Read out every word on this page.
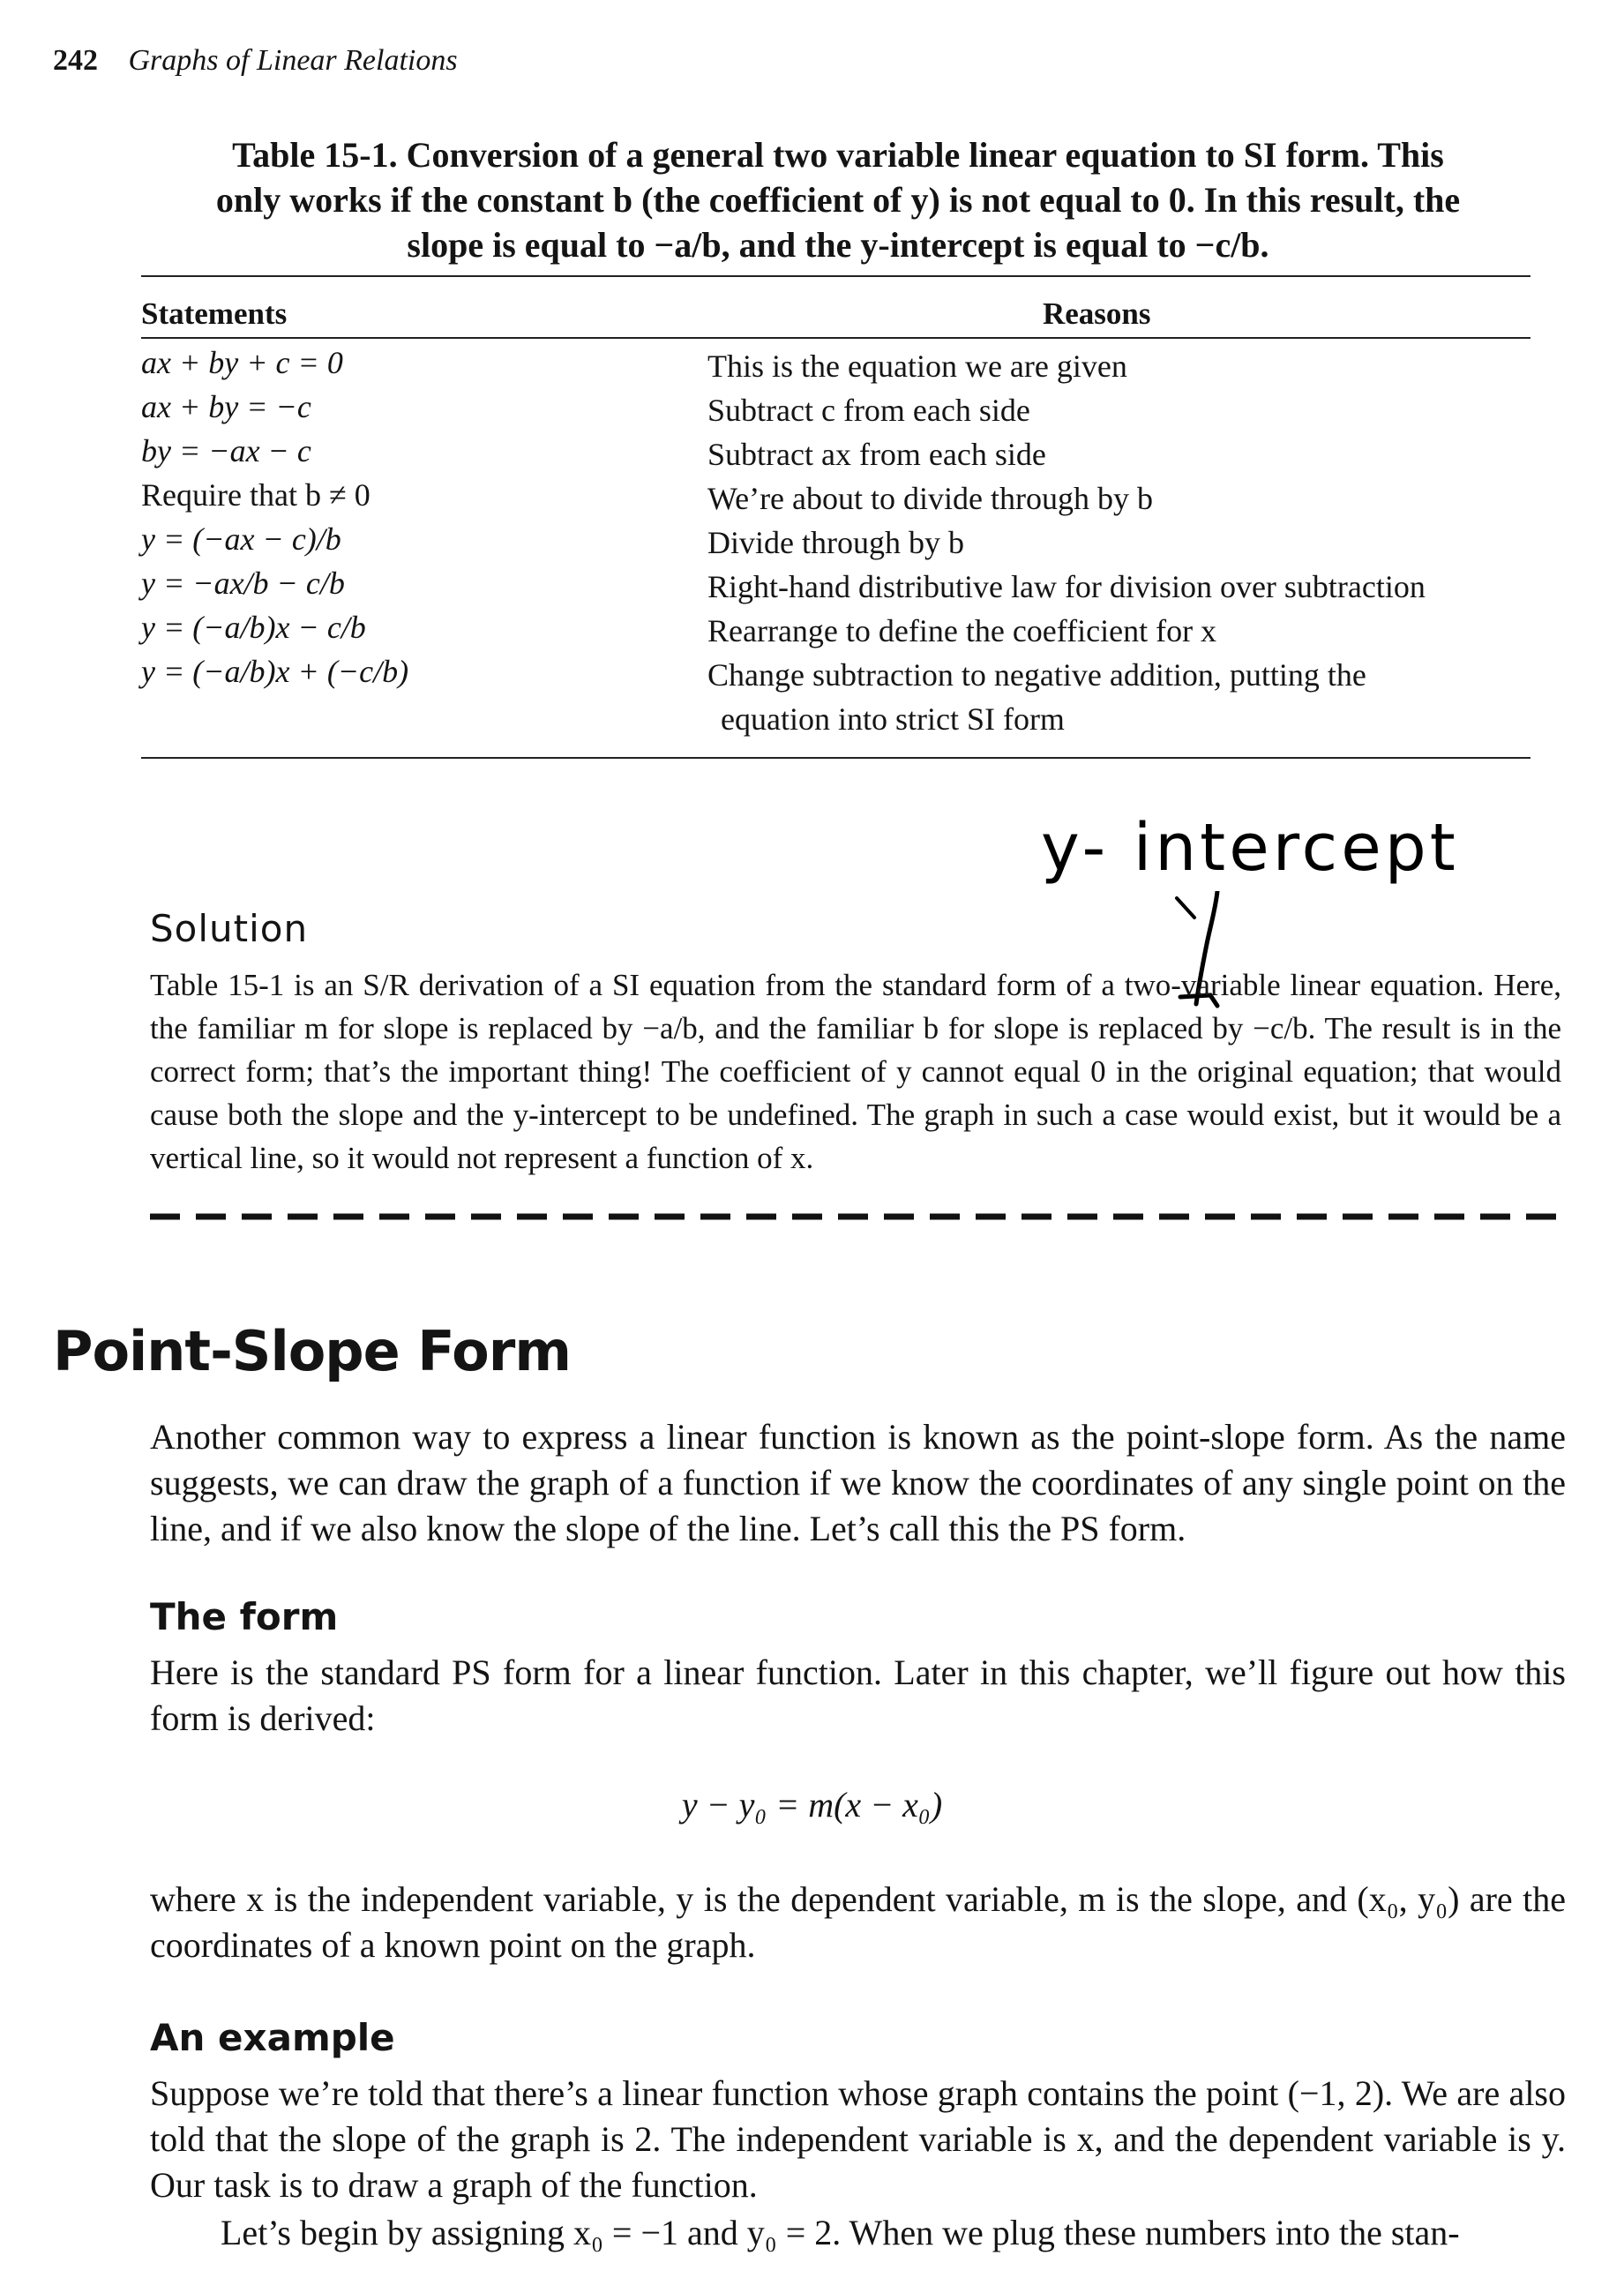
242 Graphs of Linear Relations
Table 15-1. Conversion of a general two variable linear equation to SI form. This
only works if the constant b (the coefficient of y) is not equal to 0. In this result, the
slope is equal to −a/b, and the y-intercept is equal to −c/b.
Statements	Reasons
ax + by + c = 0	This is the equation we are given
ax + by = −c	Subtract c from each side
by = −ax − c	Subtract ax from each side
Require that b ≠ 0	We’re about to divide through by b
y = (−ax − c)/b	Divide through by b
y = −ax/b − c/b	Right-hand distributive law for division over subtraction
y = (−a/b)x − c/b	Rearrange to define the coefficient for x
y = (−a/b)x + (−c/b)	Change subtraction to negative addition, putting the
equation into strict SI form
y- intercept
Solution
Table 15-1 is an S/R derivation of a SI equation from the standard form of a two-variable linear equation. Here, the familiar m for slope is replaced by −a/b, and the familiar b for slope is replaced by −c/b. The result is in the correct form; that’s the important thing! The coefficient of y cannot equal 0 in the original equation; that would cause both the slope and the y-intercept to be undefined. The graph in such a case would exist, but it would be a vertical line, so it would not represent a function of x.
Point-Slope Form
Another common way to express a linear function is known as the point-slope form. As the name suggests, we can draw the graph of a function if we know the coordinates of any single point on the line, and if we also know the slope of the line. Let’s call this the PS form.
The form
Here is the standard PS form for a linear function. Later in this chapter, we’ll figure out how this form is derived:
y − y₀ = m(x − x₀)
where x is the independent variable, y is the dependent variable, m is the slope, and (x₀, y₀) are the coordinates of a known point on the graph.
An example
Suppose we’re told that there’s a linear function whose graph contains the point (−1, 2). We are also told that the slope of the graph is 2. The independent variable is x, and the dependent variable is y. Our task is to draw a graph of the function.
Let’s begin by assigning x₀ = −1 and y₀ = 2. When we plug these numbers into the stan-
